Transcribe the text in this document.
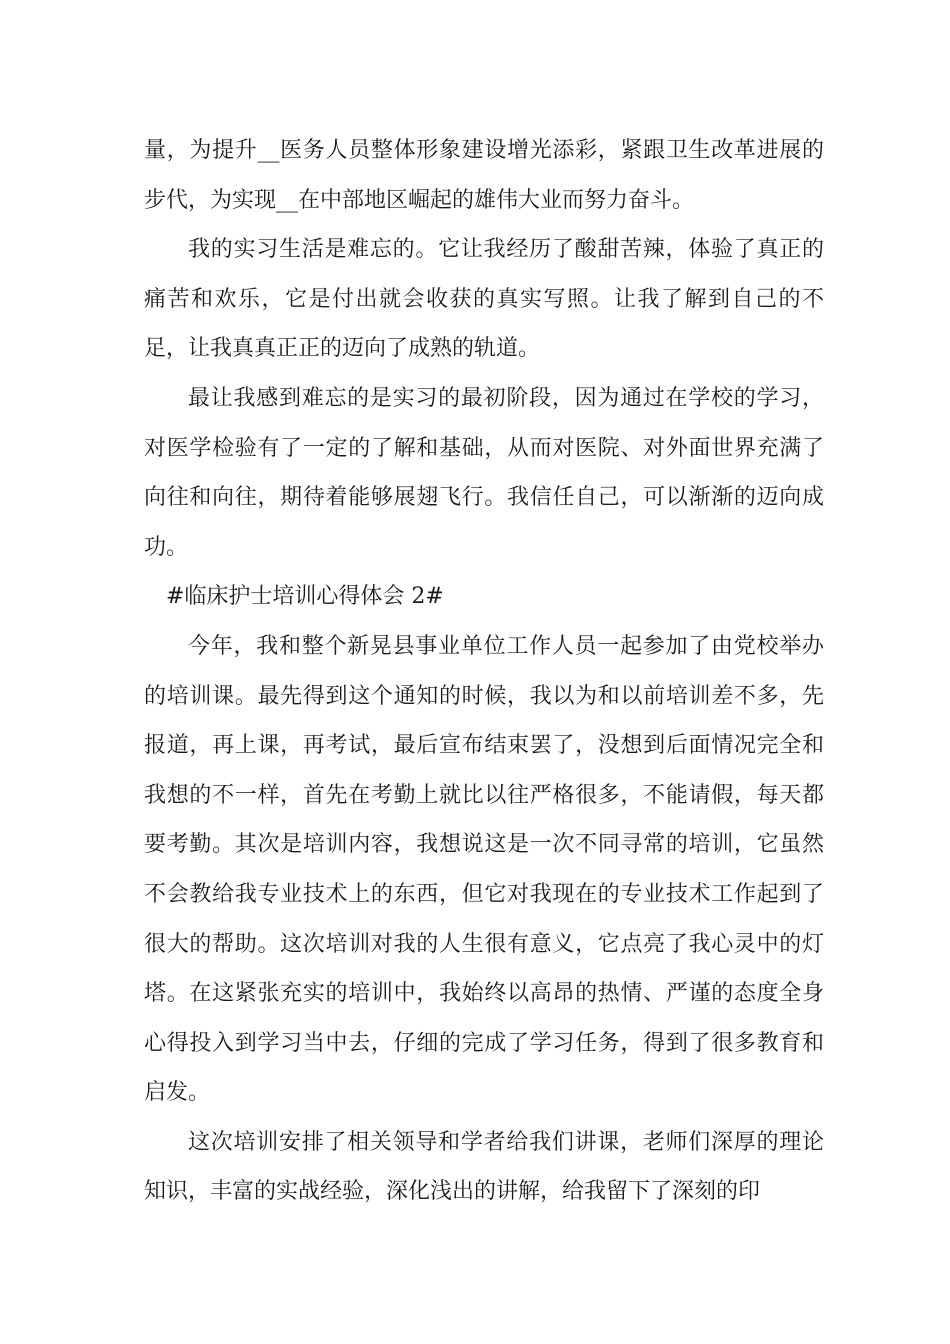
量，为提升__医务人员整体形象建设增光添彩，紧跟卫生改革进展的步代，为实现__在中部地区崛起的雄伟大业而努力奋斗。

我的实习生活是难忘的。它让我经历了酸甜苦辣，体验了真正的痛苦和欢乐，它是付出就会收获的真实写照。让我了解到自己的不足，让我真真正正的迈向了成熟的轨道。

最让我感到难忘的是实习的最初阶段，因为通过在学校的学习，对医学检验有了一定的了解和基础，从而对医院、对外面世界充满了向往和向往，期待着能够展翅飞行。我信任自己，可以渐渐的迈向成功。

#临床护士培训心得体会 2#

今年，我和整个新晃县事业单位工作人员一起参加了由党校举办的培训课。最先得到这个通知的时候，我以为和以前培训差不多，先报道，再上课，再考试，最后宣布结束罢了，没想到后面情况完全和我想的不一样，首先在考勤上就比以往严格很多，不能请假，每天都要考勤。其次是培训内容，我想说这是一次不同寻常的培训，它虽然不会教给我专业技术上的东西，但它对我现在的专业技术工作起到了很大的帮助。这次培训对我的人生很有意义，它点亮了我心灵中的灯塔。在这紧张充实的培训中，我始终以高昂的热情、严谨的态度全身心得投入到学习当中去，仔细的完成了学习任务，得到了很多教育和启发。

这次培训安排了相关领导和学者给我们讲课，老师们深厚的理论知识，丰富的实战经验，深化浅出的讲解，给我留下了深刻的印
